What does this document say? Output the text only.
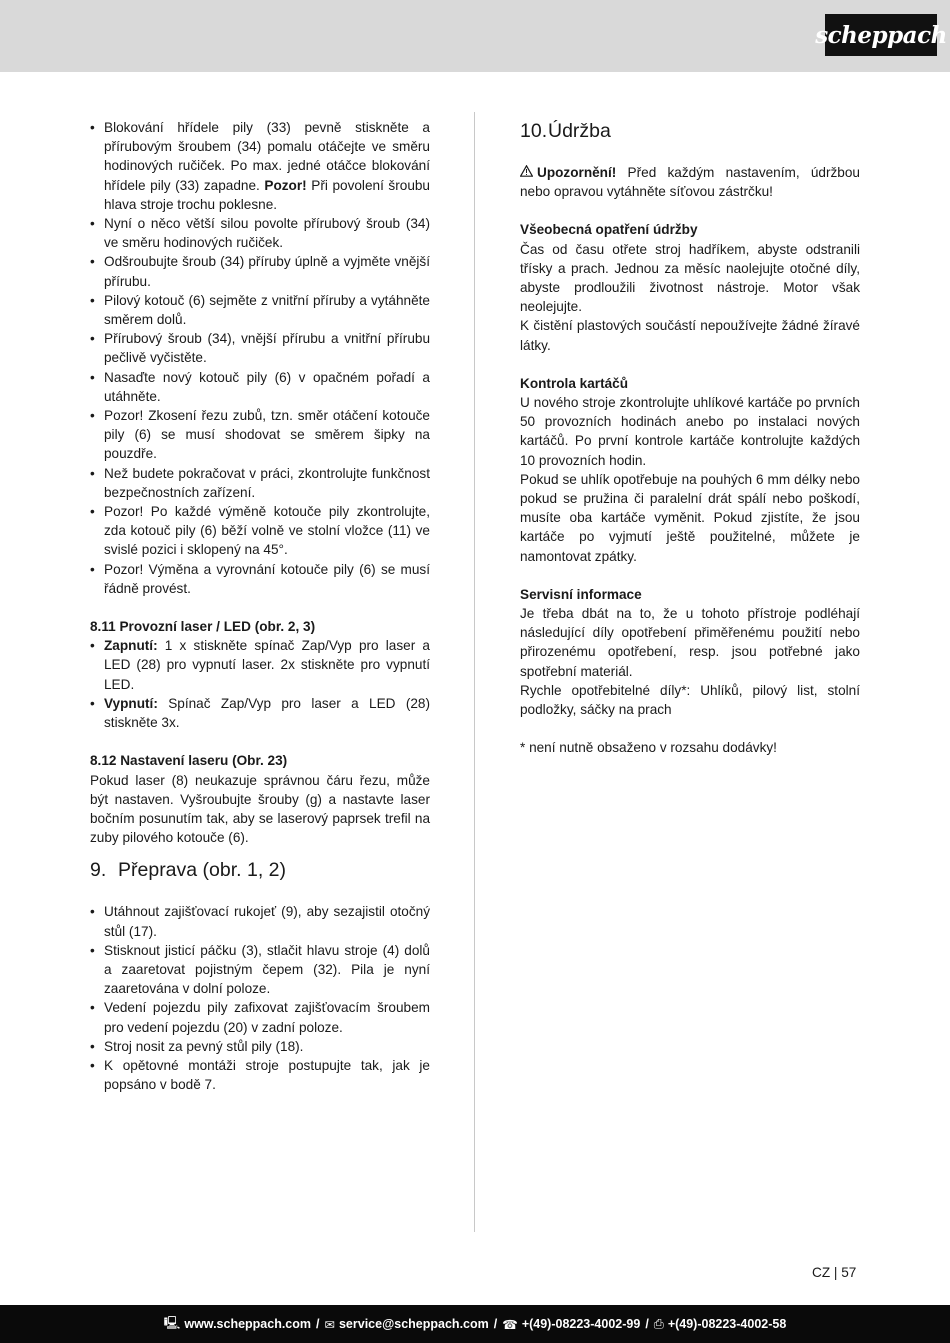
scheppach
• Blokování hřídele pily (33) pevně stiskněte a přírubovým šroubem (34) pomalu otáčejte ve směru hodinových ručiček. Po max. jedné otáčce blokování hřídele pily (33) zapadne. Pozor! Při povolení šroubu hlava stroje trochu poklesne.
• Nyní o něco větší silou povolte přírubový šroub (34) ve směru hodinových ručiček.
• Odšroubujte šroub (34) příruby úplně a vyjměte vnější přírubu.
• Pilový kotouč (6) sejměte z vnitřní příruby a vytáhněte směrem dolů.
• Přírubový šroub (34), vnější přírubu a vnitřní přírubu pečlivě vyčistěte.
• Nasaďte nový kotouč pily (6) v opačném pořadí a utáhněte.
• Pozor! Zkosení řezu zubů, tzn. směr otáčení kotouče pily (6) se musí shodovat se směrem šipky na pouzdře.
• Než budete pokračovat v práci, zkontrolujte funkčnost bezpečnostních zařízení.
• Pozor! Po každé výměně kotouče pily zkontrolujte, zda kotouč pily (6) běží volně ve stolní vložce (11) ve svislé pozici i sklopený na 45°.
• Pozor! Výměna a vyrovnání kotouče pily (6) se musí řádně provést.

8.11 Provozní laser / LED (obr. 2, 3)

• Zapnutí: 1 x stiskněte spínač Zap/Vyp pro laser a LED (28) pro vypnutí laser. 2x stiskněte pro vypnutí LED.
• Vypnutí: Spínač Zap/Vyp pro laser a LED (28) stiskněte 3x.

8.12 Nastavení laseru (Obr. 23)

Pokud laser (8) neukazuje správnou čáru řezu, může být nastaven. Vyšroubujte šrouby (g) a nastavte laser bočním posunutím tak, aby se laserový paprsek trefil na zuby pilového kotouče (6).

9. Přeprava (obr. 1, 2)
• Utáhnout zajišťovací rukojeť (9), aby sezajistil otočný stůl (17).
• Stisknout jisticí páčku (3), stlačit hlavu stroje (4) dolů a zaaretovat pojistným čepem (32). Pila je nyní zaaretována v dolní poloze.
• Vedení pojezdu pily zafixovat zajišťovacím šroubem pro vedení pojezdu (20) v zadní poloze.
• Stroj nosit za pevný stůl pily (18).
• K opětovné montáži stroje postupujte tak, jak je popsáno v bodě 7.
10.Údržba

Upozornění! Před každým nastavením, údržbou nebo opravou vytáhněte síťovou zástrčku!

Všeobecná opatření údržby

Čas od času otřete stroj hadříkem, abyste odstranili třísky a prach. Jednou za měsíc naolejujte otočné díly, abyste prodloužili životnost nástroje. Motor však neolejujte.

K čistění plastových součástí nepoužívejte žádné žíravé látky.

Kontrola kartáčů

U nového stroje zkontrolujte uhlíkové kartáče po prvních 50 provozních hodinách anebo po instalaci nových kartáčů. Po první kontrole kartáče kontrolujte každých 10 provozních hodin.

Pokud se uhlík opotřebuje na pouhých 6 mm délky nebo pokud se pružina či paralelní drát spálí nebo poškodí, musíte oba kartáče vyměnit. Pokud zjistíte, že jsou kartáče po vyjmutí ještě použitelné, můžete je namontovat zpátky.

Servisní informace

Je třeba dbát na to, že u tohoto přístroje podléhají následující díly opotřebení přiměřenému použití nebo přirozenému opotřebení, resp. jsou potřebné jako spotřební materiál.

Rychle opotřebitelné díly*: Uhlíků, pilový list, stolní podložky, sáčky na prach

* není nutně obsaženo v rozsahu dodávky!

CZ | 57
🖳 www.scheppach.com / ✉ service@scheppach.com / ☎ +(49)-08223-4002-99 / ⎙ +(49)-08223-4002-58
